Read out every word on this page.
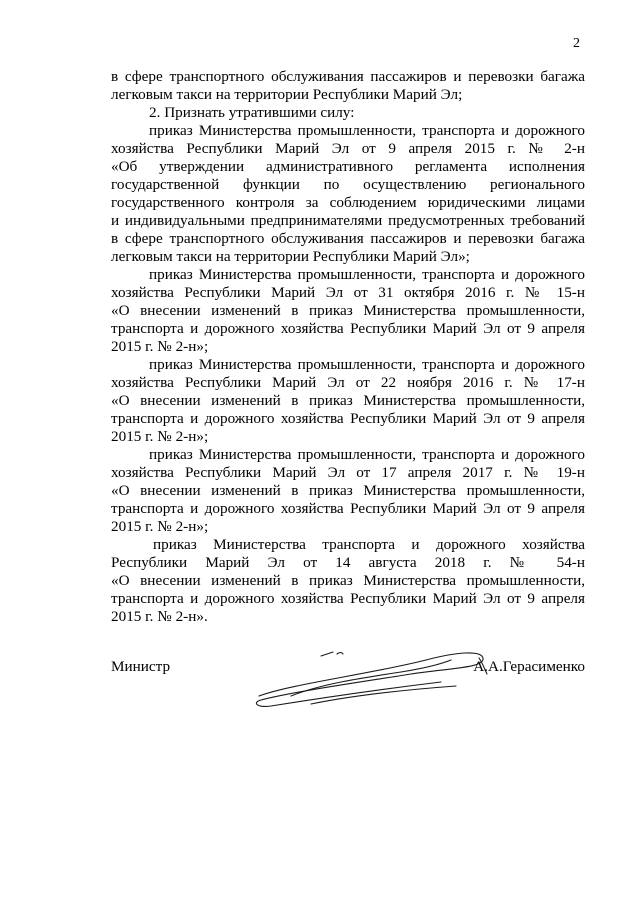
2
в сфере транспортного обслуживания пассажиров и перевозки багажа
легковым такси на территории Республики Марий Эл;
2. Признать утратившими силу:
приказ Министерства промышленности, транспорта и дорожного
хозяйства Республики Марий Эл от 9 апреля 2015 г. № 2-н
«Об утверждении административного регламента исполнения
государственной функции по осуществлению регионального
государственного контроля за соблюдением юридическими лицами
и индивидуальными предпринимателями предусмотренных требований
в сфере транспортного обслуживания пассажиров и перевозки багажа
легковым такси на территории Республики Марий Эл»;
приказ Министерства промышленности, транспорта и дорожного
хозяйства Республики Марий Эл от 31 октября 2016 г. № 15-н
«О внесении изменений в приказ Министерства промышленности,
транспорта и дорожного хозяйства Республики Марий Эл от 9 апреля
2015 г. № 2-н»;
приказ Министерства промышленности, транспорта и дорожного
хозяйства Республики Марий Эл от 22 ноября 2016 г. № 17-н
«О внесении изменений в приказ Министерства промышленности,
транспорта и дорожного хозяйства Республики Марий Эл от 9 апреля
2015 г. № 2-н»;
приказ Министерства промышленности, транспорта и дорожного
хозяйства Республики Марий Эл от 17 апреля 2017 г. № 19-н
«О внесении изменений в приказ Министерства промышленности,
транспорта и дорожного хозяйства Республики Марий Эл от 9 апреля
2015 г. № 2-н»;
приказ Министерства транспорта и дорожного хозяйства
Республики Марий Эл от 14 августа 2018 г. № 54-н
«О внесении изменений в приказ Министерства промышленности,
транспорта и дорожного хозяйства Республики Марий Эл от 9 апреля
2015 г. № 2-н».
Министр	А.А.Герасименко
